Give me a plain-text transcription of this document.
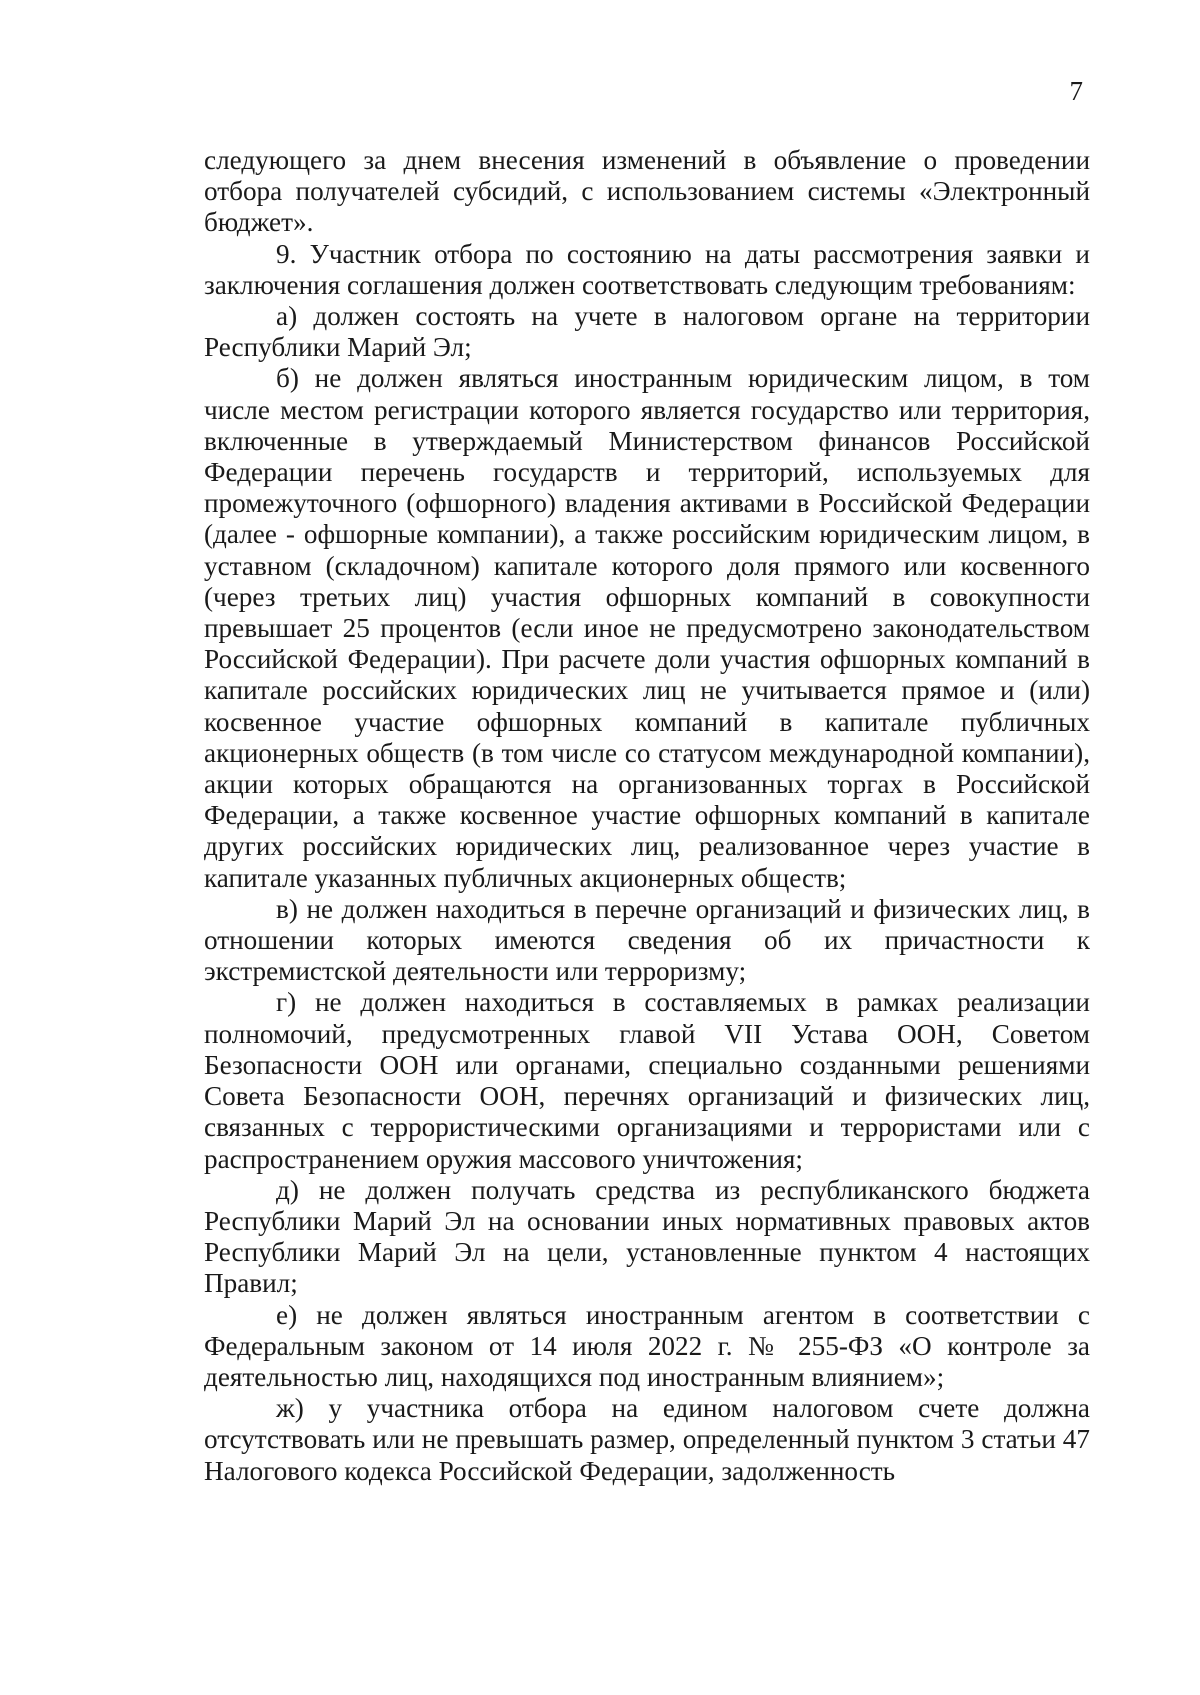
7

следующего за днем внесения изменений в объявление о проведении отбора получателей субсидий, с использованием системы «Электронный бюджет».

9. Участник отбора по состоянию на даты рассмотрения заявки и заключения соглашения должен соответствовать следующим требованиям:

а) должен состоять на учете в налоговом органе на территории Республики Марий Эл;

б) не должен являться иностранным юридическим лицом, в том числе местом регистрации которого является государство или территория, включенные в утверждаемый Министерством финансов Российской Федерации перечень государств и территорий, используемых для промежуточного (офшорного) владения активами в Российской Федерации (далее - офшорные компании), а также российским юридическим лицом, в уставном (складочном) капитале которого доля прямого или косвенного (через третьих лиц) участия офшорных компаний в совокупности превышает 25 процентов (если иное не предусмотрено законодательством Российской Федерации). При расчете доли участия офшорных компаний в капитале российских юридических лиц не учитывается прямое и (или) косвенное участие офшорных компаний в капитале публичных акционерных обществ (в том числе со статусом международной компании), акции которых обращаются на организованных торгах в Российской Федерации, а также косвенное участие офшорных компаний в капитале других российских юридических лиц, реализованное через участие в капитале указанных публичных акционерных обществ;

в) не должен находиться в перечне организаций и физических лиц, в отношении которых имеются сведения об их причастности к экстремистской деятельности или терроризму;

г) не должен находиться в составляемых в рамках реализации полномочий, предусмотренных главой VII Устава ООН, Советом Безопасности ООН или органами, специально созданными решениями Совета Безопасности ООН, перечнях организаций и физических лиц, связанных с террористическими организациями и террористами или с распространением оружия массового уничтожения;

д) не должен получать средства из республиканского бюджета Республики Марий Эл на основании иных нормативных правовых актов Республики Марий Эл на цели, установленные пунктом 4 настоящих Правил;

е) не должен являться иностранным агентом в соответствии с Федеральным законом от 14 июля 2022 г. № 255-ФЗ «О контроле за деятельностью лиц, находящихся под иностранным влиянием»;

ж) у участника отбора на едином налоговом счете должна отсутствовать или не превышать размер, определенный пунктом 3 статьи 47 Налогового кодекса Российской Федерации, задолженность
